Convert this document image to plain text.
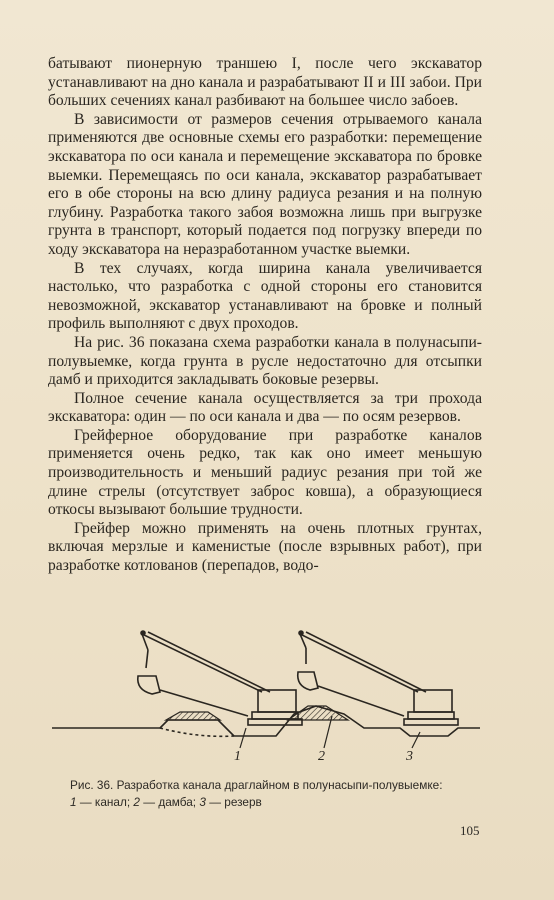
батывают пионерную траншею I, после чего экскаватор устанавливают на дно канала и разрабатывают II и III забои. При больших сечениях канал разбивают на большее число забоев.

В зависимости от размеров сечения отрываемого канала применяются две основные схемы его разработки: перемещение экскаватора по оси канала и перемещение экскаватора по бровке выемки. Перемещаясь по оси канала, экскаватор разрабатывает его в обе стороны на всю длину радиуса резания и на полную глубину. Разработка такого забоя возможна лишь при выгрузке грунта в транспорт, который подается под погрузку впереди по ходу экскаватора на неразработанном участке выемки.

В тех случаях, когда ширина канала увеличивается настолько, что разработка с одной стороны его становится невозможной, экскаватор устанавливают на бровке и полный профиль выполняют с двух проходов.

На рис. 36 показана схема разработки канала в полунасыпи-полувыемке, когда грунта в русле недостаточно для отсыпки дамб и приходится закладывать боковые резервы.

Полное сечение канала осуществляется за три прохода экскаватора: один — по оси канала и два — по осям резервов.

Грейферное оборудование при разработке каналов применяется очень редко, так как оно имеет меньшую производительность и меньший радиус резания при той же длине стрелы (отсутствует заброс ковша), а образующиеся откосы вызывают большие трудности.

Грейфер можно применять на очень плотных грунтах, включая мерзлые и каменистые (после взрывных работ), при разработке котлованов (перепадов, водо-

1	2	3
Рис. 36. Разработка канала драглайном в полунасыпи-полувыемке:
1 — канал; 2 — дамба; 3 — резерв
105
